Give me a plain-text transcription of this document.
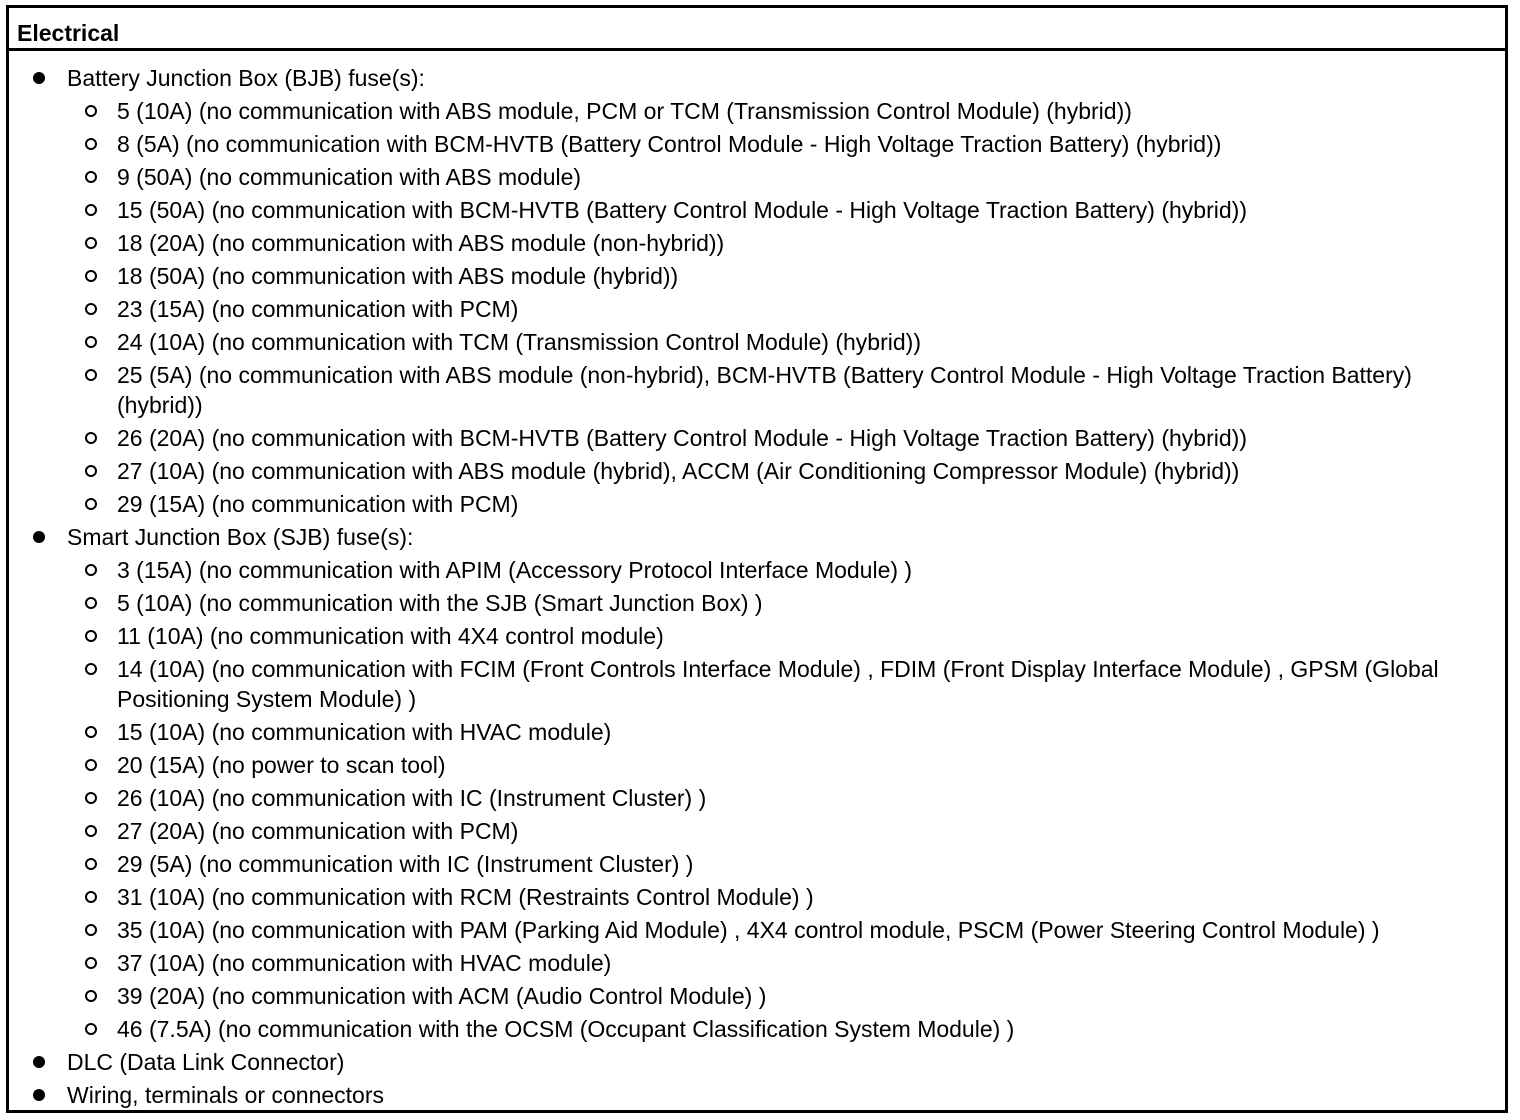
Electrical
Battery Junction Box (BJB) fuse(s):
5 (10A) (no communication with ABS module, PCM or TCM (Transmission Control Module) (hybrid))
8 (5A) (no communication with BCM-HVTB (Battery Control Module - High Voltage Traction Battery) (hybrid))
9 (50A) (no communication with ABS module)
15 (50A) (no communication with BCM-HVTB (Battery Control Module - High Voltage Traction Battery) (hybrid))
18 (20A) (no communication with ABS module (non-hybrid))
18 (50A) (no communication with ABS module (hybrid))
23 (15A) (no communication with PCM)
24 (10A) (no communication with TCM (Transmission Control Module) (hybrid))
25 (5A) (no communication with ABS module (non-hybrid), BCM-HVTB (Battery Control Module - High Voltage Traction Battery) (hybrid))
26 (20A) (no communication with BCM-HVTB (Battery Control Module - High Voltage Traction Battery) (hybrid))
27 (10A) (no communication with ABS module (hybrid), ACCM (Air Conditioning Compressor Module) (hybrid))
29 (15A) (no communication with PCM)
Smart Junction Box (SJB) fuse(s):
3 (15A) (no communication with APIM (Accessory Protocol Interface Module) )
5 (10A) (no communication with the SJB (Smart Junction Box) )
11 (10A) (no communication with 4X4 control module)
14 (10A) (no communication with FCIM (Front Controls Interface Module) , FDIM (Front Display Interface Module) , GPSM (Global Positioning System Module) )
15 (10A) (no communication with HVAC module)
20 (15A) (no power to scan tool)
26 (10A) (no communication with IC (Instrument Cluster) )
27 (20A) (no communication with PCM)
29 (5A) (no communication with IC (Instrument Cluster) )
31 (10A) (no communication with RCM (Restraints Control Module) )
35 (10A) (no communication with PAM (Parking Aid Module) , 4X4 control module, PSCM (Power Steering Control Module) )
37 (10A) (no communication with HVAC module)
39 (20A) (no communication with ACM (Audio Control Module) )
46 (7.5A) (no communication with the OCSM (Occupant Classification System Module) )
DLC (Data Link Connector)
Wiring, terminals or connectors
